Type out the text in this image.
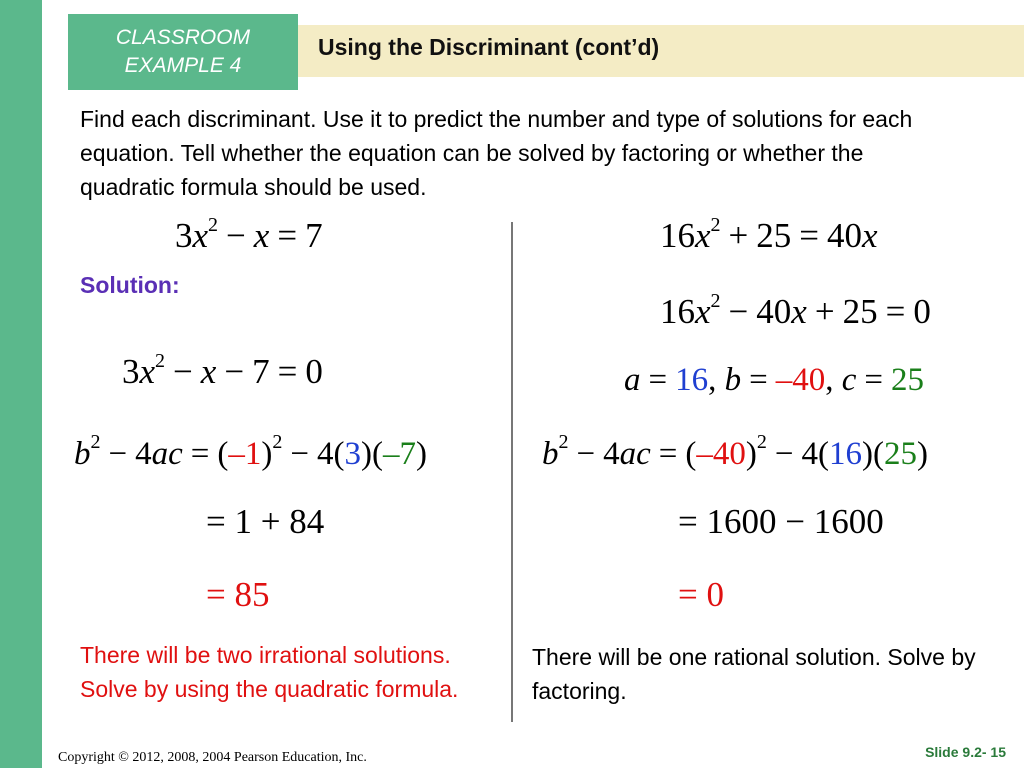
CLASSROOM
EXAMPLE 4
Using the Discriminant (cont’d)
Find each discriminant. Use it to predict the number and type of solutions for each equation. Tell whether the equation can be solved by factoring or whether the quadratic formula should be used.
$3x^2 - x = 7$
Solution:
$3x^2 - x - 7 = 0$
$b^2 - 4ac = (-1)^2 - 4(3)(-7)$
= 1 + 84
= 85
There will be two irrational solutions. Solve by using the quadratic formula.
$16x^2 + 25 = 40x$
$16x^2 - 40x + 25 = 0$
a = 16, b = –40, c = 25
$b^2 - 4ac = (-40)^2 - 4(16)(25)$
= 1600 − 1600
= 0
There will be one rational solution. Solve by factoring.
Copyright © 2012, 2008, 2004 Pearson Education, Inc.	Slide 9.2- 15
